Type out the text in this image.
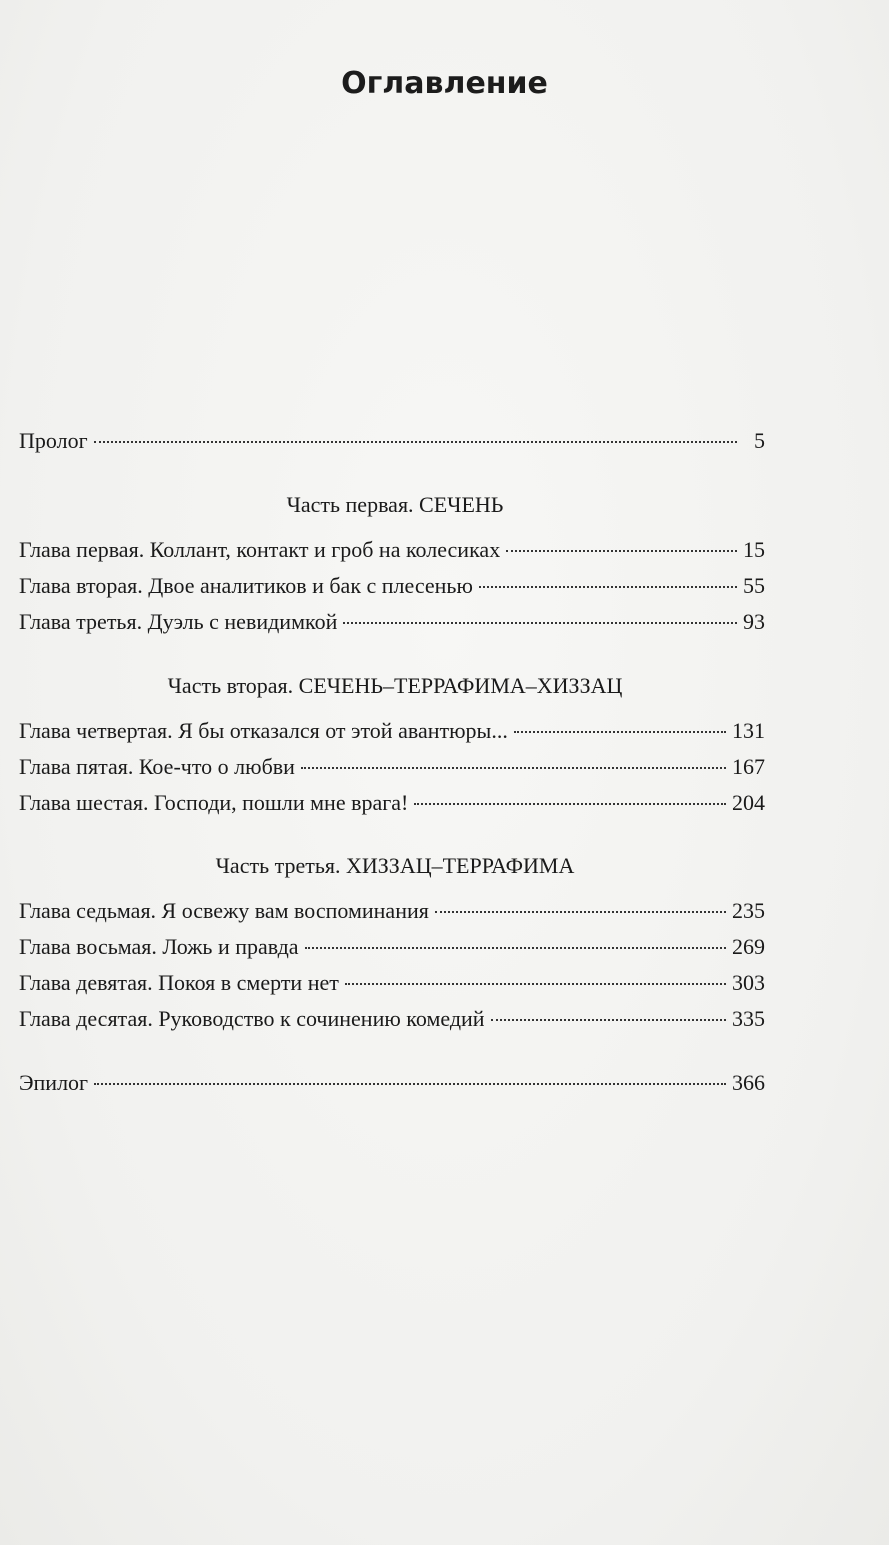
Оглавление
Пролог	5
Часть первая. СЕЧЕНЬ
Глава первая. Коллант, контакт и гроб на колесиках	15
Глава вторая. Двое аналитиков и бак с плесенью	55
Глава третья. Дуэль с невидимкой	93
Часть вторая. СЕЧЕНЬ–ТЕРРАФИМА–ХИЗЗАЦ
Глава четвертая. Я бы отказался от этой авантюры...	131
Глава пятая. Кое-что о любви	167
Глава шестая. Господи, пошли мне врага!	204
Часть третья. ХИЗЗАЦ–ТЕРРАФИМА
Глава седьмая. Я освежу вам воспоминания	235
Глава восьмая. Ложь и правда	269
Глава девятая. Покоя в смерти нет	303
Глава десятая. Руководство к сочинению комедий	335
Эпилог	366
